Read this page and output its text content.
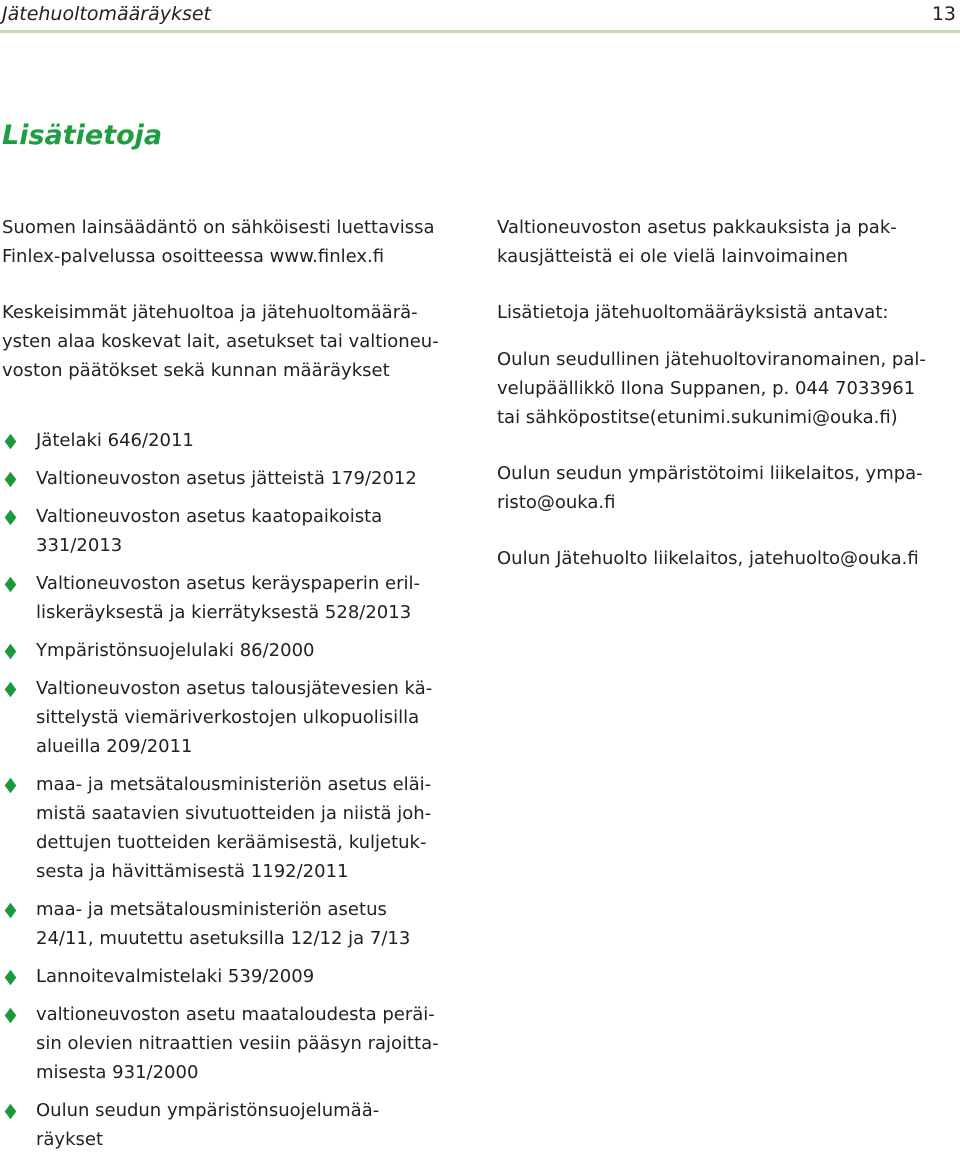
Jätehuoltomääräykset	13
Lisätietoja

Suomen lainsäädäntö on sähköisesti luettavissa
Finlex-palvelussa osoitteessa www.finlex.fi

Keskeisimmät jätehuoltoa ja jätehuoltomäärä-
ysten alaa koskevat lait, asetukset tai valtioneu-
voston päätökset sekä kunnan määräykset

Jätelaki 646/2011
Valtioneuvoston asetus jätteistä 179/2012
Valtioneuvoston asetus kaatopaikoista
331/2013
Valtioneuvoston asetus keräyspaperin eril-
liskeräyksestä ja kierrätyksestä 528/2013
Ympäristönsuojelulaki 86/2000
Valtioneuvoston asetus talousjätevesien kä-
sittelystä viemäriverkostojen ulkopuolisilla
alueilla 209/2011
maa- ja metsätalousministeriön asetus eläi-
mistä saatavien sivutuotteiden ja niistä joh-
dettujen tuotteiden keräämisestä, kuljetuk-
sesta ja hävittämisestä 1192/2011
maa- ja metsätalousministeriön asetus
24/11, muutettu asetuksilla 12/12 ja 7/13
Lannoitevalmistelaki 539/2009
valtioneuvoston asetu maataloudesta peräi-
sin olevien nitraattien vesiin pääsyn rajoitta-
misesta 931/2000
Oulun seudun ympäristönsuojelumää-
räykset

Valtioneuvoston asetus pakkauksista ja pak-
kausjätteistä ei ole vielä lainvoimainen

Lisätietoja jätehuoltomääräyksistä antavat:

Oulun seudullinen jätehuoltoviranomainen, pal-
velupäällikkö Ilona Suppanen, p. 044 7033961
tai sähköpostitse(etunimi.sukunimi@ouka.fi)

Oulun seudun ympäristötoimi liikelaitos, ympa-
risto@ouka.fi

Oulun Jätehuolto liikelaitos, jatehuolto@ouka.fi
